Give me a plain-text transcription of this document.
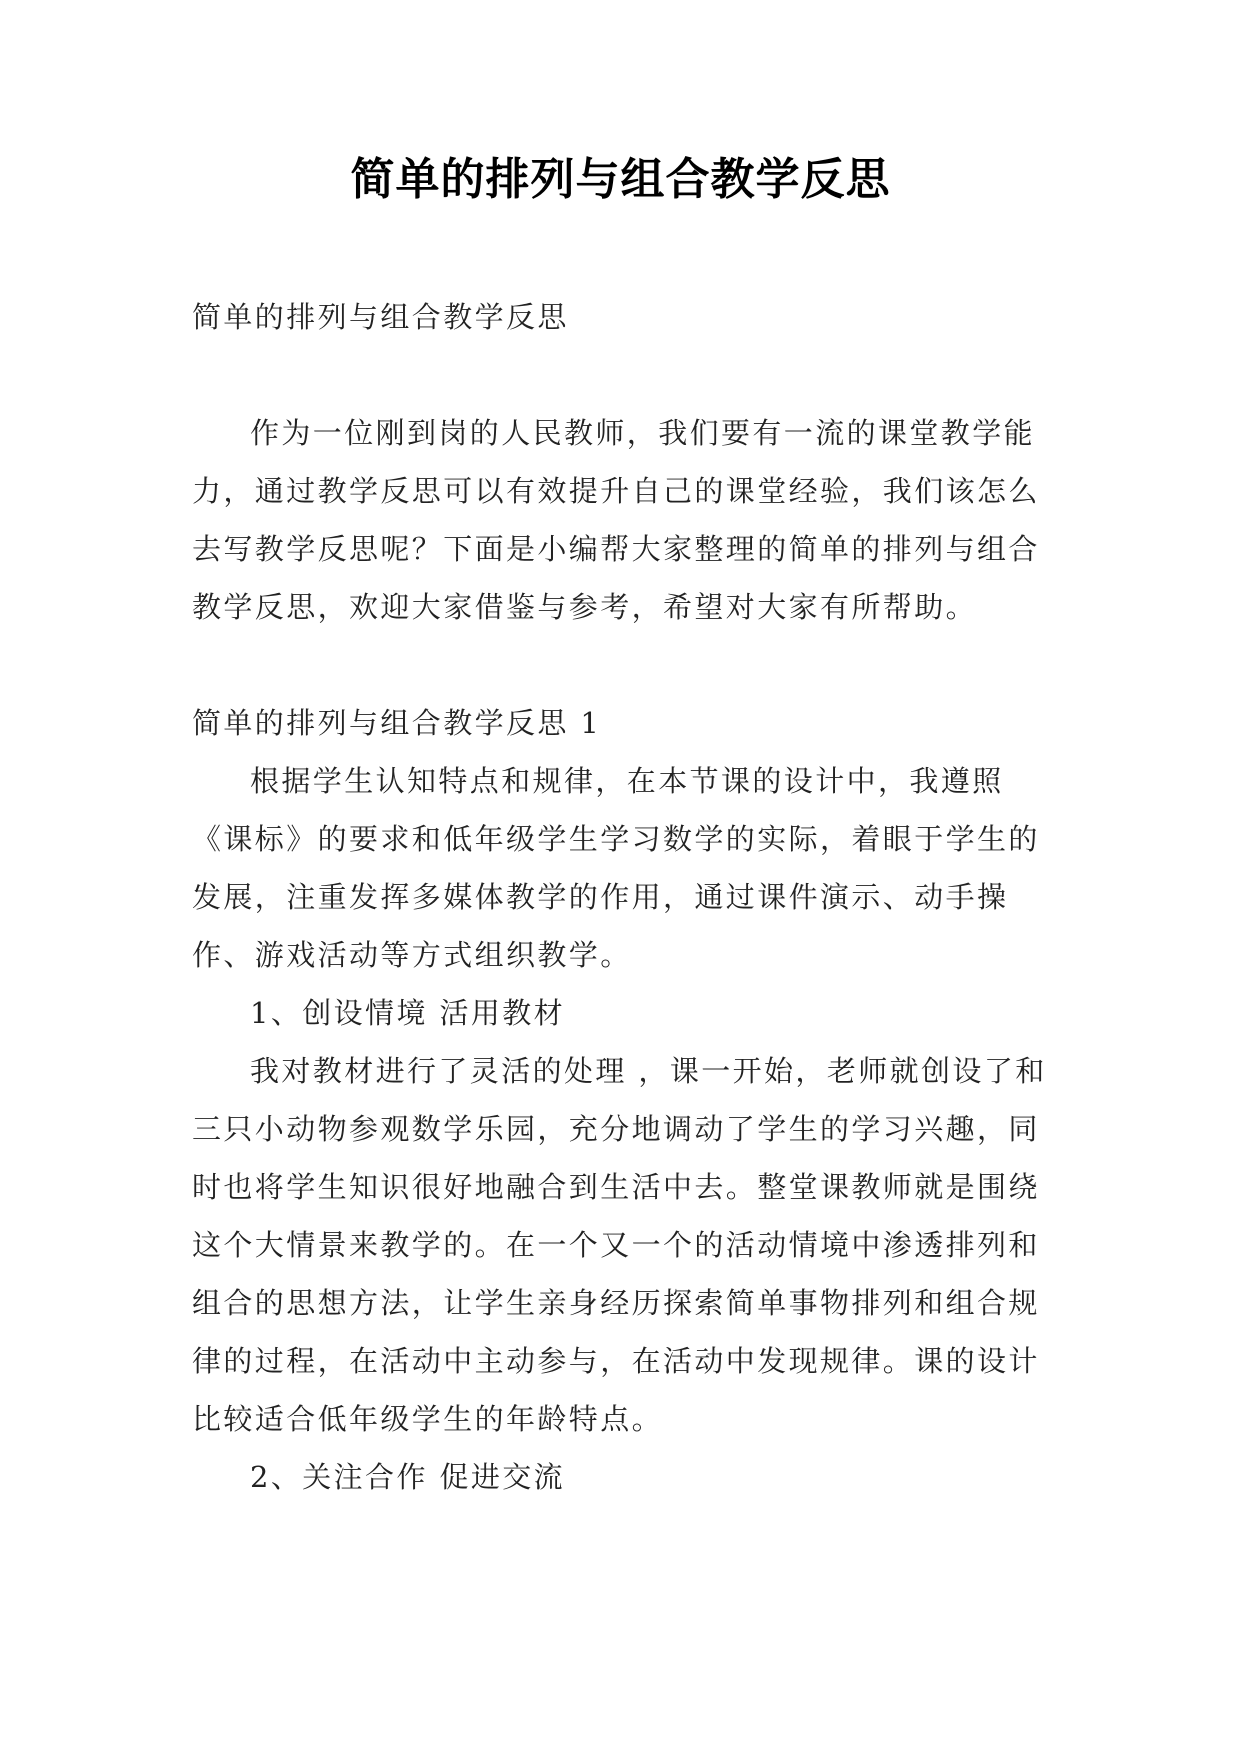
简单的排列与组合教学反思

简单的排列与组合教学反思

作为一位刚到岗的人民教师，我们要有一流的课堂教学能力，通过教学反思可以有效提升自己的课堂经验，我们该怎么去写教学反思呢？下面是小编帮大家整理的简单的排列与组合教学反思，欢迎大家借鉴与参考，希望对大家有所帮助。

简单的排列与组合教学反思 1

根据学生认知特点和规律，在本节课的设计中，我遵照《课标》的要求和低年级学生学习数学的实际，着眼于学生的发展，注重发挥多媒体教学的作用，通过课件演示、动手操作、游戏活动等方式组织教学。

1、创设情境 活用教材

我对教材进行了灵活的处理 ，课一开始，老师就创设了和三只小动物参观数学乐园，充分地调动了学生的学习兴趣，同时也将学生知识很好地融合到生活中去。整堂课教师就是围绕这个大情景来教学的。在一个又一个的活动情境中渗透排列和组合的思想方法，让学生亲身经历探索简单事物排列和组合规律的过程，在活动中主动参与，在活动中发现规律。课的设计比较适合低年级学生的年龄特点。

2、关注合作 促进交流
